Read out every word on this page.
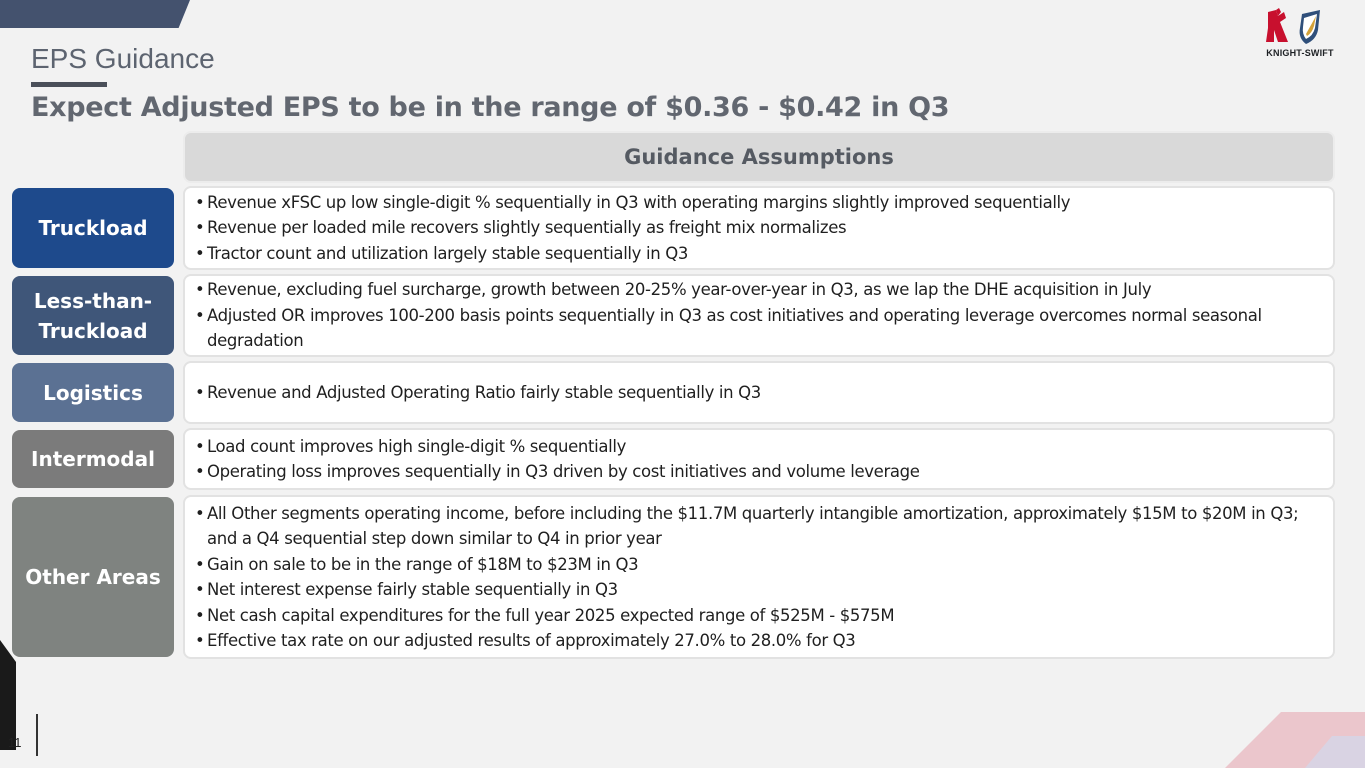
EPS Guidance
Expect Adjusted EPS to be in the range of $0.36 - $0.42 in Q3
KNIGHT-SWIFT
Guidance Assumptions
Truckload
• Revenue xFSC up low single-digit % sequentially in Q3 with operating margins slightly improved sequentially
• Revenue per loaded mile recovers slightly sequentially as freight mix normalizes
• Tractor count and utilization largely stable sequentially in Q3
Less-than-Truckload
• Revenue, excluding fuel surcharge, growth between 20-25% year-over-year in Q3, as we lap the DHE acquisition in July
• Adjusted OR improves 100-200 basis points sequentially in Q3 as cost initiatives and operating leverage overcomes normal seasonal degradation
Logistics	• Revenue and Adjusted Operating Ratio fairly stable sequentially in Q3
Intermodal
• Load count improves high single-digit % sequentially
• Operating loss improves sequentially in Q3 driven by cost initiatives and volume leverage
Other Areas
• All Other segments operating income, before including the $11.7M quarterly intangible amortization, approximately $15M to $20M in Q3; and a Q4 sequential step down similar to Q4 in prior year
• Gain on sale to be in the range of $18M to $23M in Q3
• Net interest expense fairly stable sequentially in Q3
• Net cash capital expenditures for the full year 2025 expected range of $525M - $575M
• Effective tax rate on our adjusted results of approximately 27.0% to 28.0% for Q3
11
